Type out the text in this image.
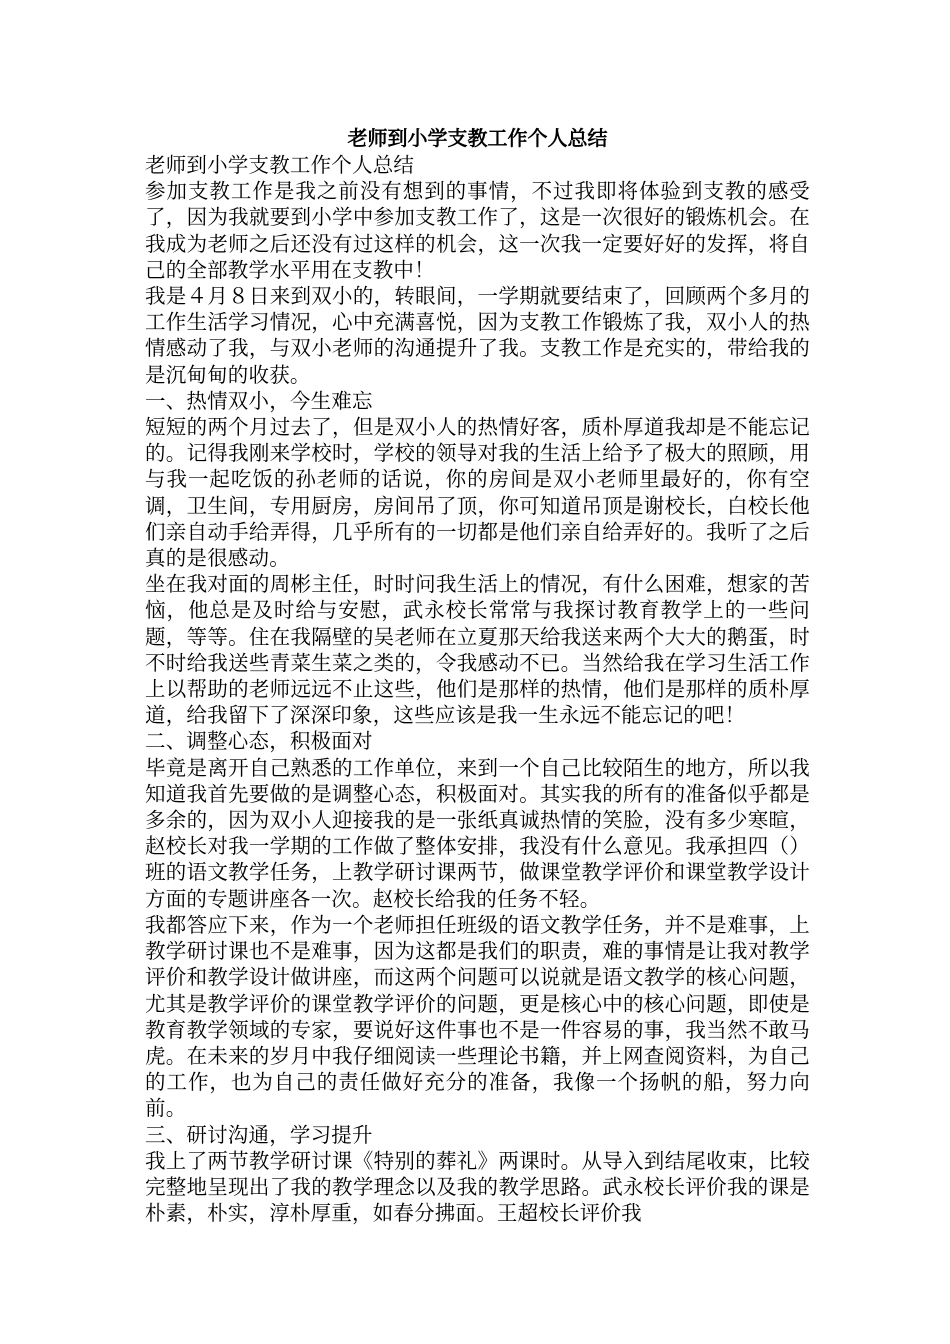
老师到小学支教工作个人总结

老师到小学支教工作个人总结

参加支教工作是我之前没有想到的事情，不过我即将体验到支教的感受了，因为我就要到小学中参加支教工作了，这是一次很好的锻炼机会。在我成为老师之后还没有过这样的机会，这一次我一定要好好的发挥，将自己的全部教学水平用在支教中！

我是４月８日来到双小的，转眼间，一学期就要结束了，回顾两个多月的工作生活学习情况，心中充满喜悦，因为支教工作锻炼了我，双小人的热情感动了我，与双小老师的沟通提升了我。支教工作是充实的，带给我的是沉甸甸的收获。

一、热情双小，今生难忘

短短的两个月过去了，但是双小人的热情好客，质朴厚道我却是不能忘记的。记得我刚来学校时，学校的领导对我的生活上给予了极大的照顾，用与我一起吃饭的孙老师的话说，你的房间是双小老师里最好的，你有空调，卫生间，专用厨房，房间吊了顶，你可知道吊顶是谢校长，白校长他们亲自动手给弄得，几乎所有的一切都是他们亲自给弄好的。我听了之后真的是很感动。

坐在我对面的周彬主任，时时问我生活上的情况，有什么困难，想家的苦恼，他总是及时给与安慰，武永校长常常与我探讨教育教学上的一些问题，等等。住在我隔壁的吴老师在立夏那天给我送来两个大大的鹅蛋，时不时给我送些青菜生菜之类的，令我感动不已。当然给我在学习生活工作上以帮助的老师远远不止这些，他们是那样的热情，他们是那样的质朴厚道，给我留下了深深印象，这些应该是我一生永远不能忘记的吧！

二、调整心态，积极面对

毕竟是离开自己熟悉的工作单位，来到一个自己比较陌生的地方，所以我知道我首先要做的是调整心态，积极面对。其实我的所有的准备似乎都是多余的，因为双小人迎接我的是一张纸真诚热情的笑脸，没有多少寒暄，赵校长对我一学期的工作做了整体安排，我没有什么意见。我承担四（）班的语文教学任务，上教学研讨课两节，做课堂教学评价和课堂教学设计方面的专题讲座各一次。赵校长给我的任务不轻。

我都答应下来，作为一个老师担任班级的语文教学任务，并不是难事，上教学研讨课也不是难事，因为这都是我们的职责，难的事情是让我对教学评价和教学设计做讲座，而这两个问题可以说就是语文教学的核心问题，尤其是教学评价的课堂教学评价的问题，更是核心中的核心问题，即使是教育教学领域的专家，要说好这件事也不是一件容易的事，我当然不敢马虎。在未来的岁月中我仔细阅读一些理论书籍，并上网查阅资料，为自己的工作，也为自己的责任做好充分的准备，我像一个扬帆的船，努力向前。

三、研讨沟通，学习提升

我上了两节教学研讨课《特别的葬礼》两课时。从导入到结尾收束，比较完整地呈现出了我的教学理念以及我的教学思路。武永校长评价我的课是朴素，朴实，淳朴厚重，如春分拂面。王超校长评价我
